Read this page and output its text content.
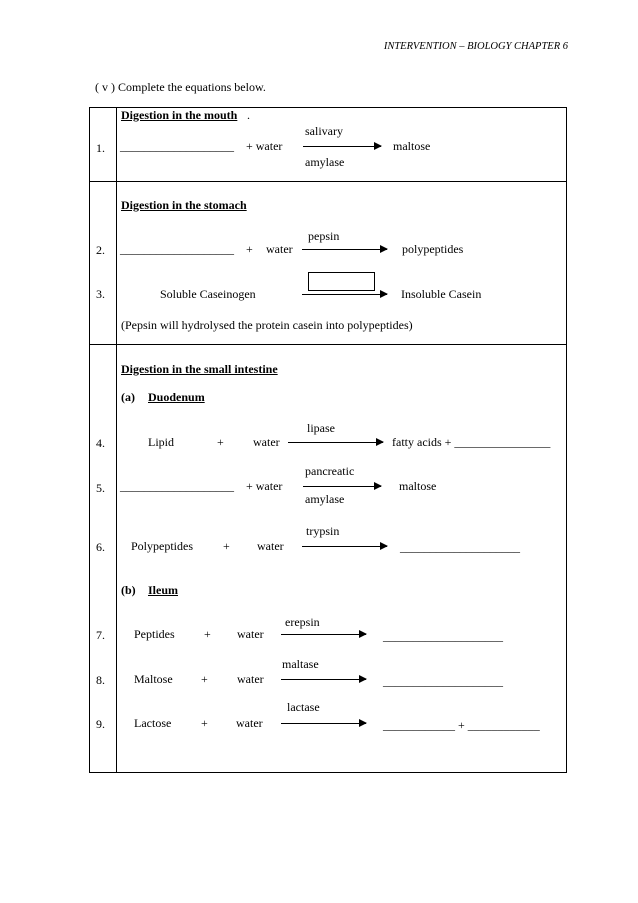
INTERVENTION – BIOLOGY CHAPTER 6
( v ) Complete the equations below.
Digestion in the mouth .
salivary
1. ___________________ + water	maltose
amylase
Digestion in the stomach
pepsin
2. ___________________ + water	polypeptides
3.	Soluble Caseinogen	Insoluble Casein
(Pepsin will hydrolysed the protein casein into polypeptides)
Digestion in the small intestine
(a) Duodenum
lipase
4.	Lipid	+ water	fatty acids + ________________
pancreatic
5. ___________________ + water	maltose
amylase
trypsin
6. Polypeptides	+ water	____________________
(b) Ileum
erepsin
7. Peptides + water	____________________
maltase
8. Maltose + water	____________________
lactase
9. Lactose + water	____________ + ____________
